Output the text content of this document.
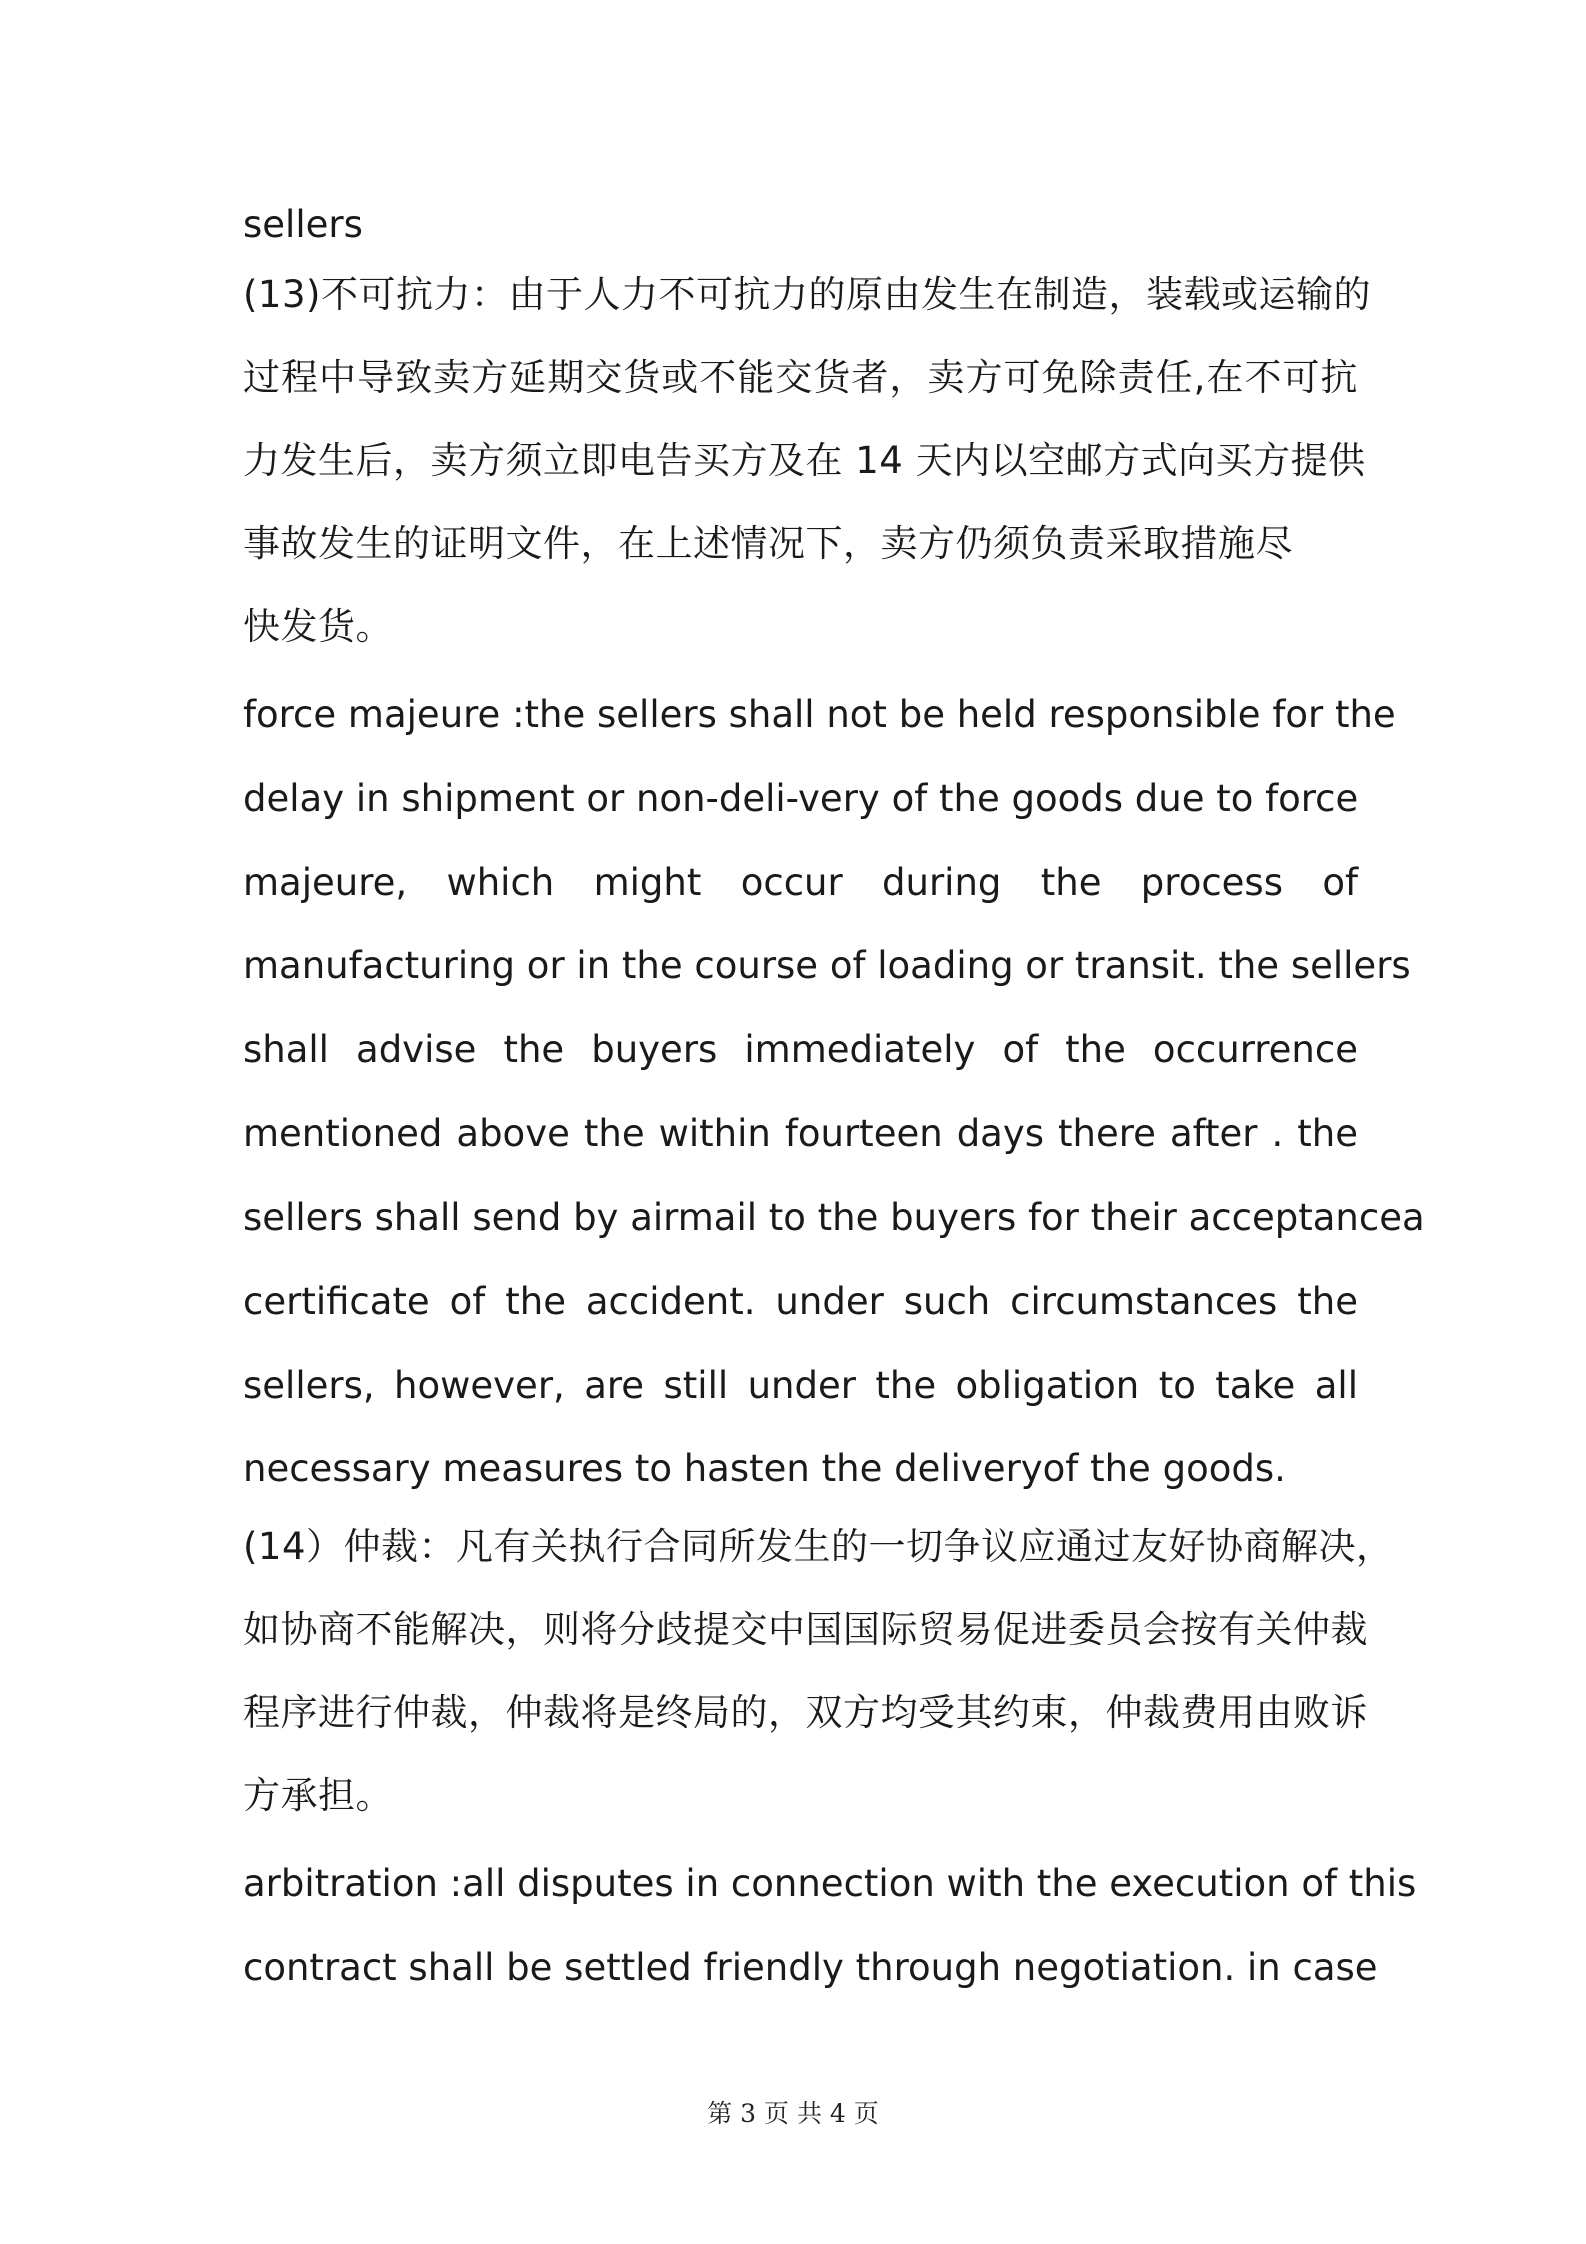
sellers
(13)不可抗力：由于人力不可抗力的原由发生在制造，装载或运输的
过程中导致卖方延期交货或不能交货者，卖方可免除责任,在不可抗
力发生后，卖方须立即电告买方及在 14 天内以空邮方式向买方提供
事故发生的证明文件，在上述情况下，卖方仍须负责采取措施尽
快发货。
force majeure :the sellers shall not be held responsible for the
delay in shipment or non-deli-very of the goods due to force
majeure, which might occur during the process of
manufacturing or in the course of loading or transit. the sellers
shall advise the buyers immediately of the occurrence
mentioned above the within fourteen days there after . the
sellers shall send by airmail to the buyers for their acceptancea
certificate of the accident. under such circumstances the
sellers, however, are still under the obligation to take all
necessary measures to hasten the deliveryof the goods.
(14）仲裁：凡有关执行合同所发生的一切争议应通过友好协商解决，
如协商不能解决，则将分歧提交中国国际贸易促进委员会按有关仲裁
程序进行仲裁，仲裁将是终局的，双方均受其约束，仲裁费用由败诉
方承担。
arbitration :all disputes in connection with the execution of this
contract shall be settled friendly through negotiation. in case
第 3 页 共 4 页
